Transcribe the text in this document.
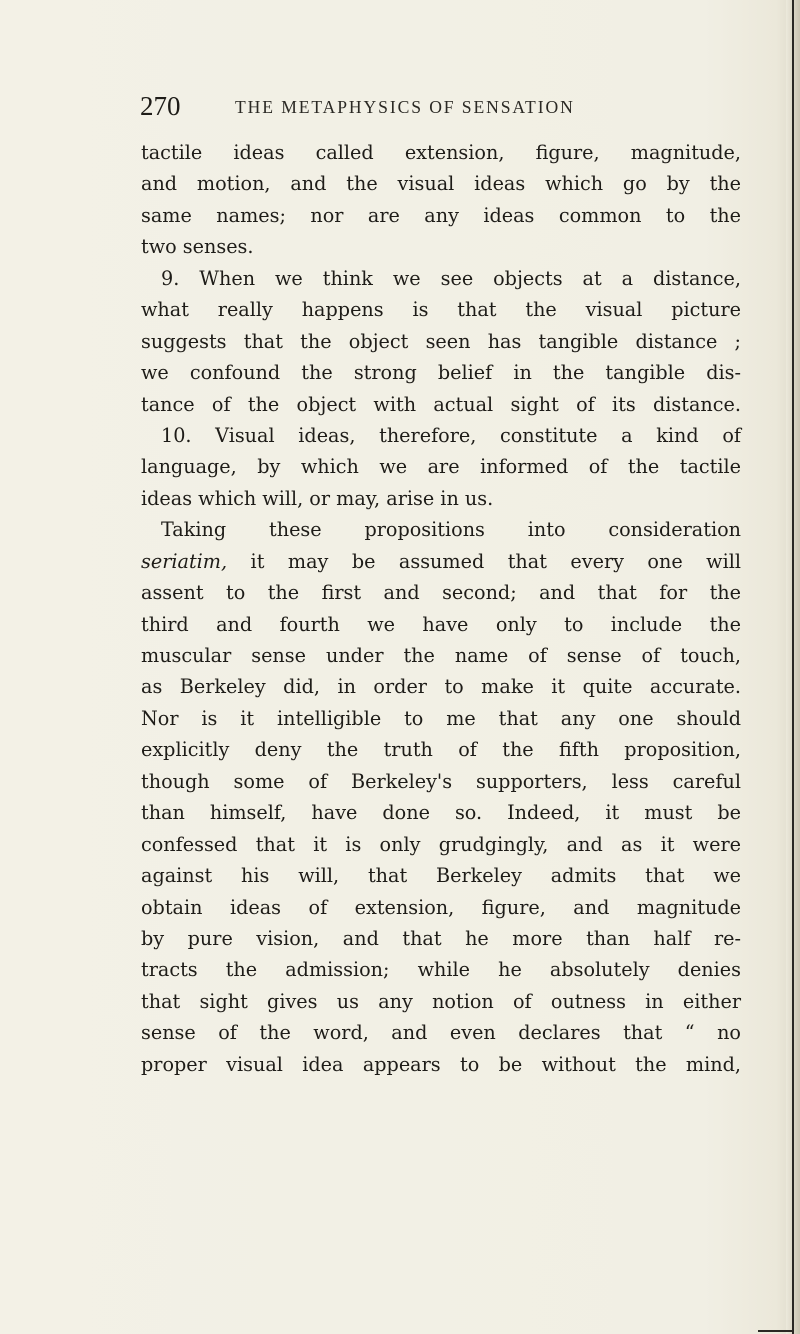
270	THE METAPHYSICS OF SENSATION
tactile ideas called extension, figure, magnitude,
and motion, and the visual ideas which go by the
same names; nor are any ideas common to the
two senses.
9. When we think we see objects at a distance,
what really happens is that the visual picture
suggests that the object seen has tangible distance ;
we confound the strong belief in the tangible dis-
tance of the object with actual sight of its distance.
10. Visual ideas, therefore, constitute a kind of
language, by which we are informed of the tactile
ideas which will, or may, arise in us.
Taking these propositions into consideration
seriatim, it may be assumed that every one will
assent to the first and second; and that for the
third and fourth we have only to include the
muscular sense under the name of sense of touch,
as Berkeley did, in order to make it quite accurate.
Nor is it intelligible to me that any one should
explicitly deny the truth of the fifth proposition,
though some of Berkeley's supporters, less careful
than himself, have done so. Indeed, it must be
confessed that it is only grudgingly, and as it were
against his will, that Berkeley admits that we
obtain ideas of extension, figure, and magnitude
by pure vision, and that he more than half re-
tracts the admission; while he absolutely denies
that sight gives us any notion of outness in either
sense of the word, and even declares that “ no
proper visual idea appears to be without the mind,
